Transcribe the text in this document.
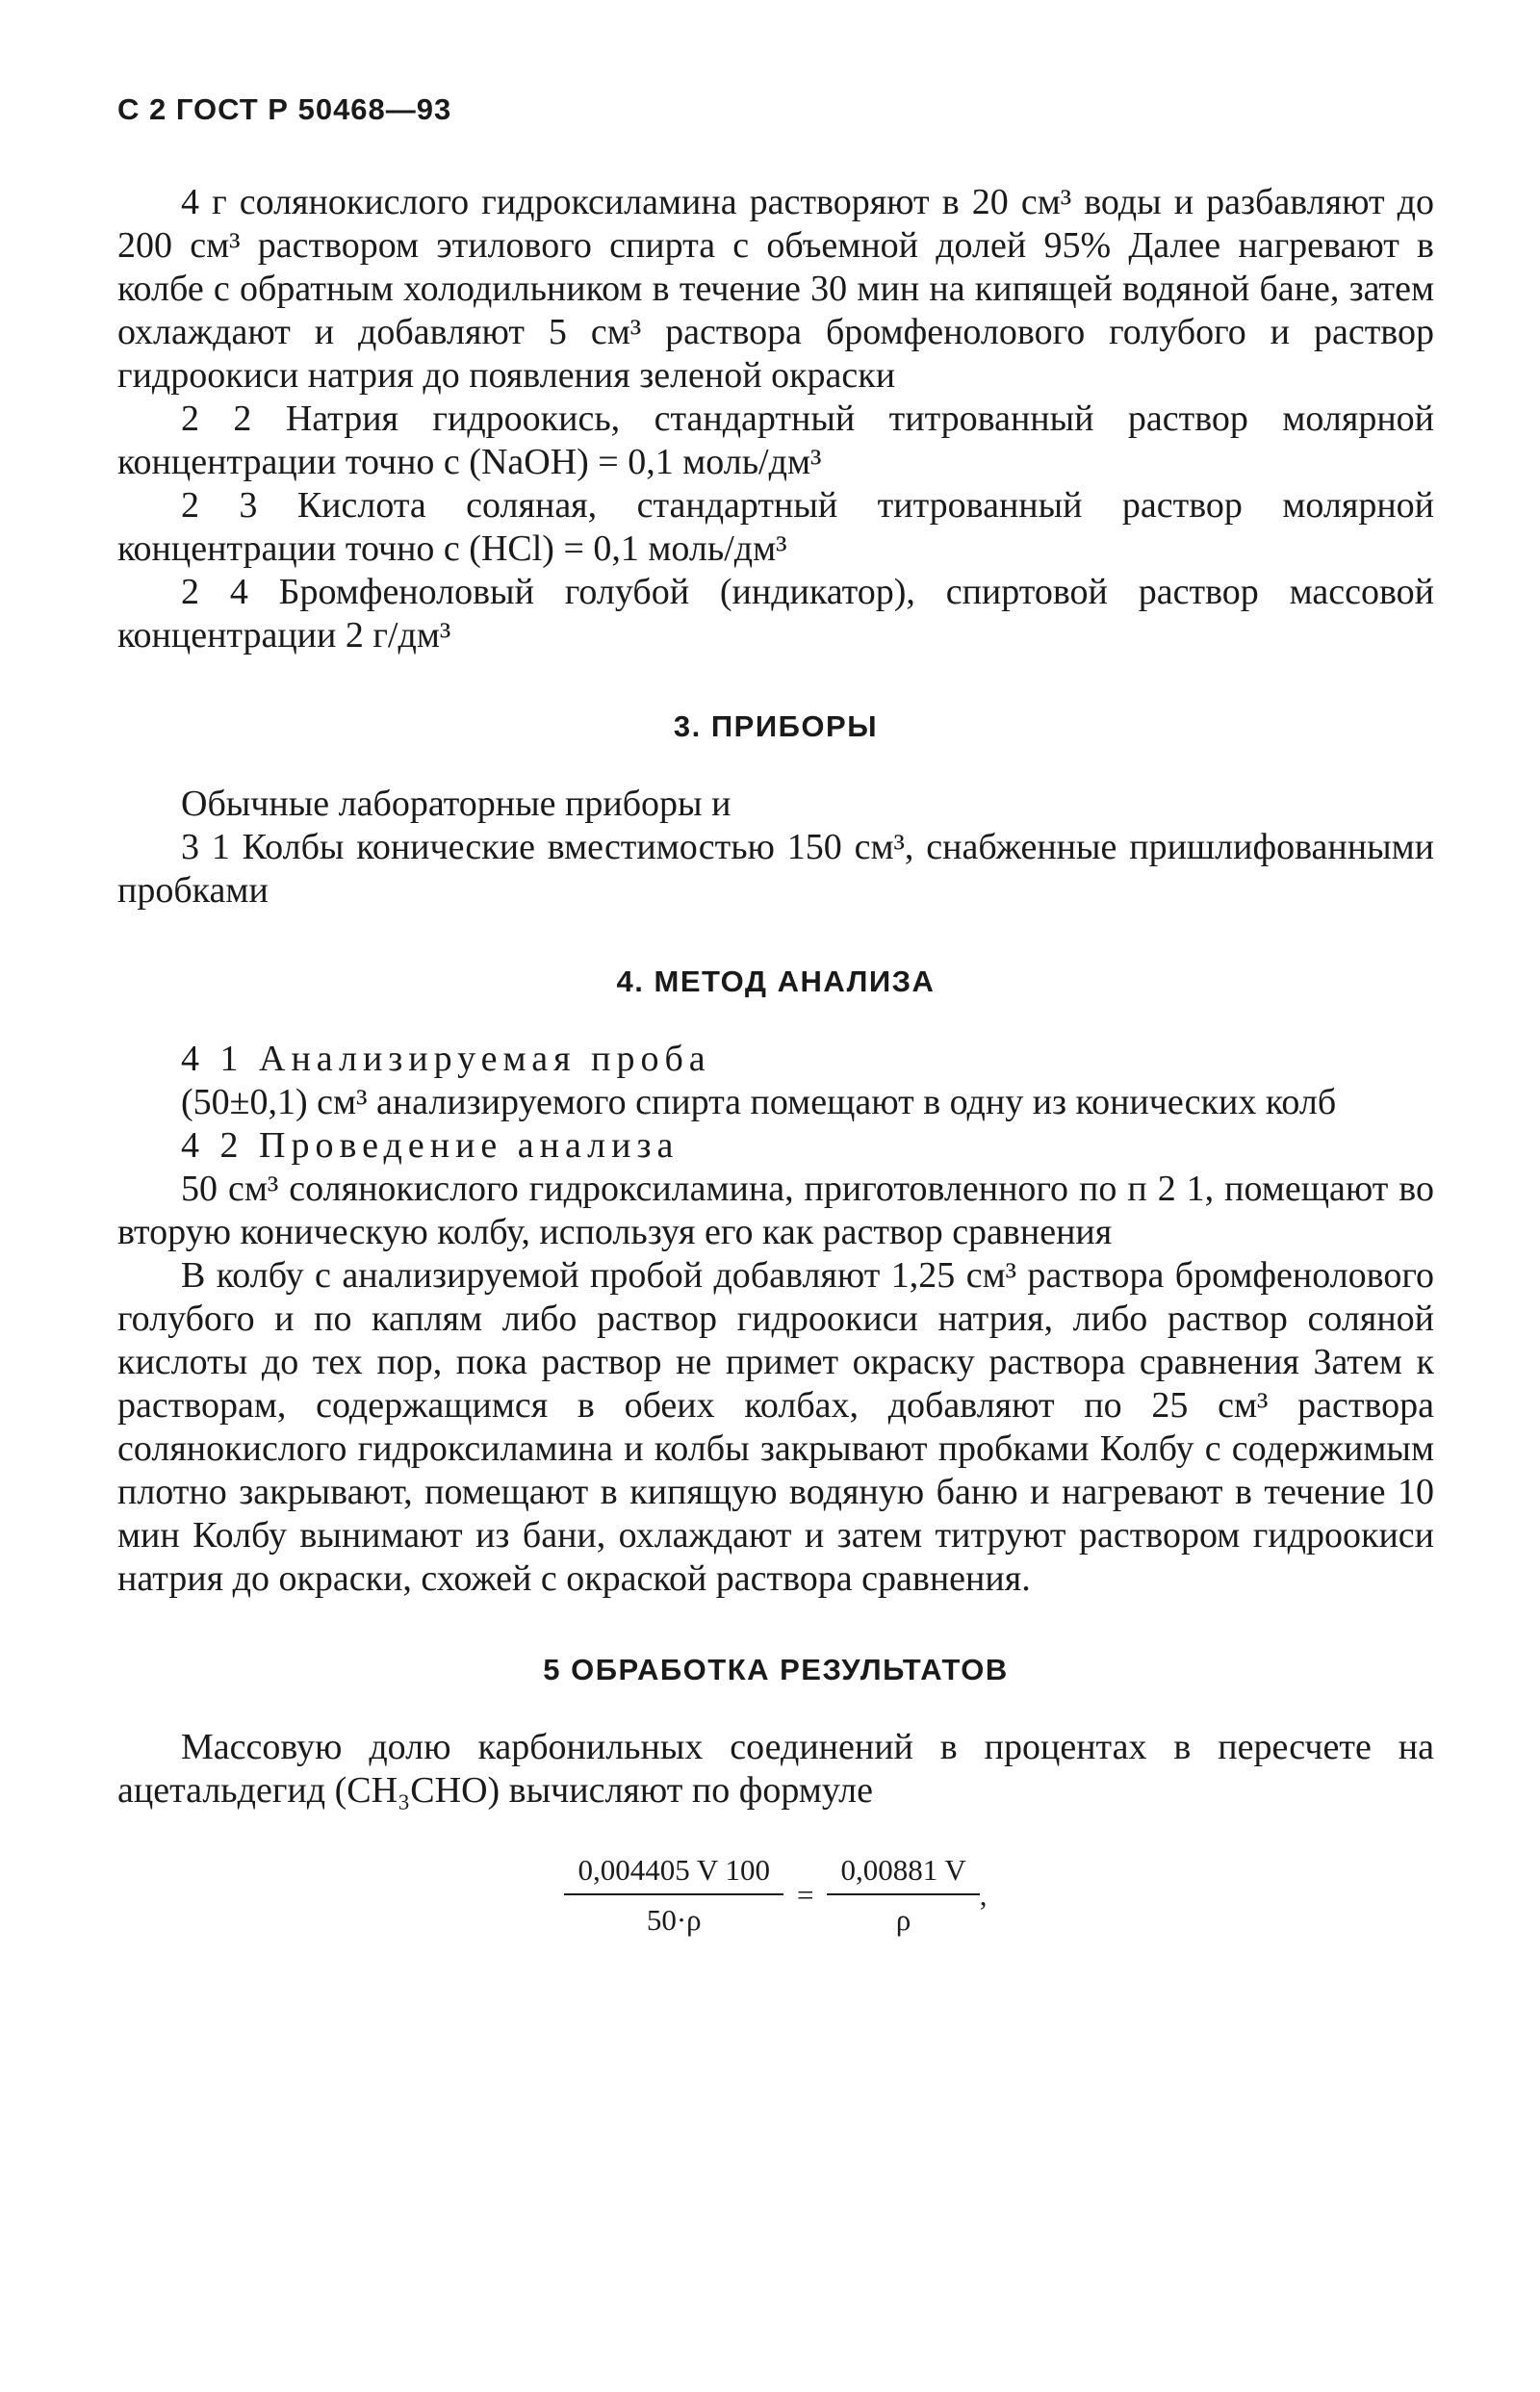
С 2 ГОСТ Р 50468—93

4 г солянокислого гидроксиламина растворяют в 20 см³ воды и разбавляют до 200 см³ раствором этилового спирта с объемной долей 95% Далее нагревают в колбе с обратным холодильником в течение 30 мин на кипящей водяной бане, затем охлаждают и добавляют 5 см³ раствора бромфенолового голубого и раствор гидроокиси натрия до появления зеленой окраски

2 2 Натрия гидроокись, стандартный титрованный раствор молярной концентрации точно c (NaOH) = 0,1 моль/дм³

2 3 Кислота соляная, стандартный титрованный раствор молярной концентрации точно c (HCl) = 0,1 моль/дм³

2 4 Бромфеноловый голубой (индикатор), спиртовой раствор массовой концентрации 2 г/дм³

3. ПРИБОРЫ

Обычные лабораторные приборы и

3 1 Колбы конические вместимостью 150 см³, снабженные пришлифованными пробками

4. МЕТОД АНАЛИЗА

4 1 Анализируемая проба

(50±0,1) см³ анализируемого спирта помещают в одну из конических колб

4 2 Проведение анализа

50 см³ солянокислого гидроксиламина, приготовленного по п 2 1, помещают во вторую коническую колбу, используя его как раствор сравнения

В колбу с анализируемой пробой добавляют 1,25 см³ раствора бромфенолового голубого и по каплям либо раствор гидроокиси натрия, либо раствор соляной кислоты до тех пор, пока раствор не примет окраску раствора сравнения Затем к растворам, содержащимся в обеих колбах, добавляют по 25 см³ раствора солянокислого гидроксиламина и колбы закрывают пробками Колбу с содержимым плотно закрывают, помещают в кипящую водяную баню и нагревают в течение 10 мин Колбу вынимают из бани, охлаждают и затем титруют раствором гидроокиси натрия до окраски, схожей с окраской раствора сравнения.

5 ОБРАБОТКА РЕЗУЛЬТАТОВ

Массовую долю карбонильных соединений в процентах в пересчете на ацетальдегид (CH₃CHO) вычисляют по формуле

$\frac{0,004405 V 100}{50\cdot\rho} = \frac{0,00881 V}{\rho}$ ,
